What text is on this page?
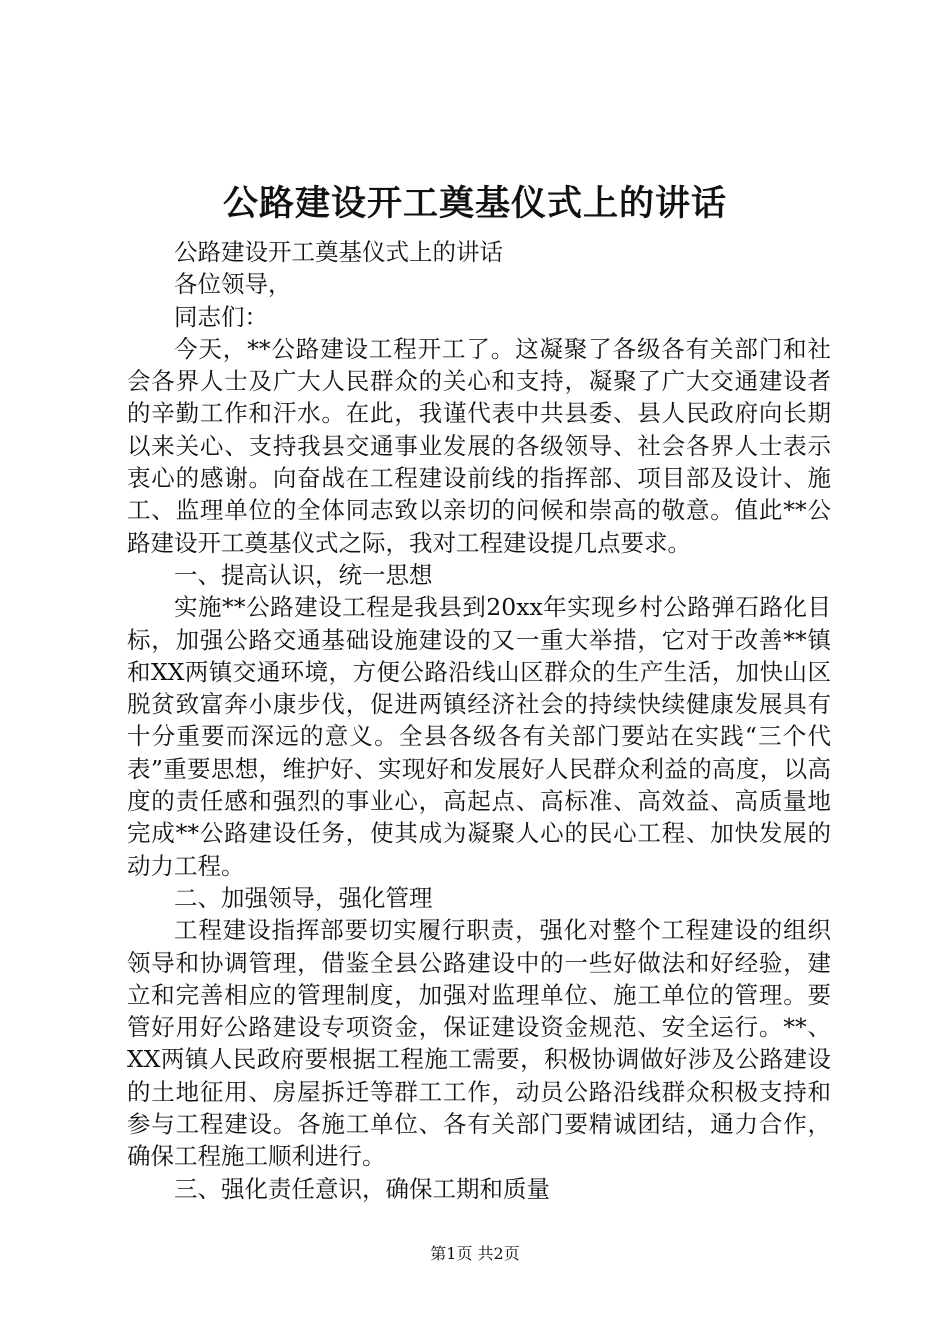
公路建设开工奠基仪式上的讲话

公路建设开工奠基仪式上的讲话

各位领导，

同志们：

今天，**公路建设工程开工了。这凝聚了各级各有关部门和社会各界人士及广大人民群众的关心和支持，凝聚了广大交通建设者的辛勤工作和汗水。在此，我谨代表中共县委、县人民政府向长期以来关心、支持我县交通事业发展的各级领导、社会各界人士表示衷心的感谢。向奋战在工程建设前线的指挥部、项目部及设计、施工、监理单位的全体同志致以亲切的问候和崇高的敬意。值此**公路建设开工奠基仪式之际，我对工程建设提几点要求。

一、提高认识，统一思想

实施**公路建设工程是我县到20xx年实现乡村公路弹石路化目标，加强公路交通基础设施建设的又一重大举措，它对于改善**镇和XX两镇交通环境，方便公路沿线山区群众的生产生活，加快山区脱贫致富奔小康步伐，促进两镇经济社会的持续快续健康发展具有十分重要而深远的意义。全县各级各有关部门要站在实践“三个代表”重要思想，维护好、实现好和发展好人民群众利益的高度，以高度的责任感和强烈的事业心，高起点、高标准、高效益、高质量地完成**公路建设任务，使其成为凝聚人心的民心工程、加快发展的动力工程。

二、加强领导，强化管理

工程建设指挥部要切实履行职责，强化对整个工程建设的组织领导和协调管理，借鉴全县公路建设中的一些好做法和好经验，建立和完善相应的管理制度，加强对监理单位、施工单位的管理。要管好用好公路建设专项资金，保证建设资金规范、安全运行。**、XX两镇人民政府要根据工程施工需要，积极协调做好涉及公路建设的土地征用、房屋拆迁等群工工作，动员公路沿线群众积极支持和参与工程建设。各施工单位、各有关部门要精诚团结，通力合作，确保工程施工顺利进行。

三、强化责任意识，确保工期和质量

第1页 共2页
